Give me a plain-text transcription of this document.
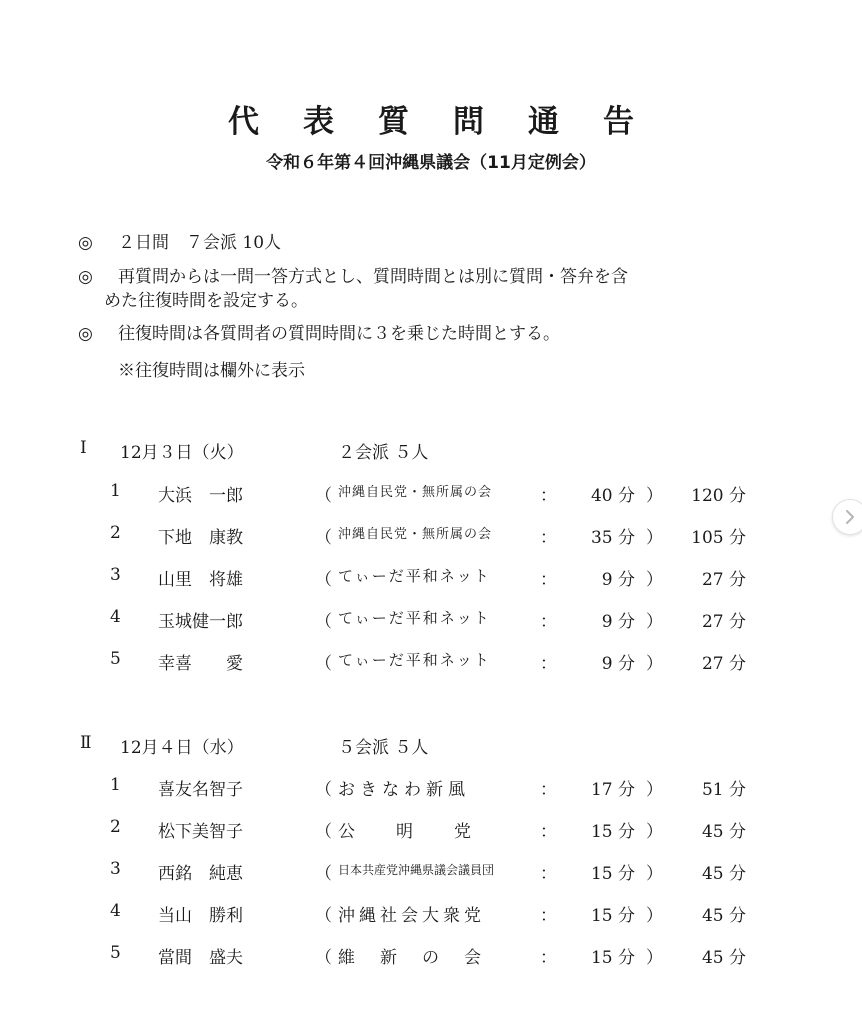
代表質問通告
令和６年第４回沖縄県議会（11月定例会）
◎ ２日間　７会派 10人
◎ 再質問からは一問一答方式とし、質問時間とは別に質問・答弁を含
めた往復時間を設定する。
◎ 往復時間は各質問者の質問時間に３を乗じた時間とする。
※往復時間は欄外に表示
Ⅰ 12月３日（火）	２会派 ５人
1 大浜　一郎	（ 沖縄自民党・無所属の会	：	40 分 ）	120 分
2 下地　康教	（ 沖縄自民党・無所属の会	：	35 分 ）	105 分
3 山里　将雄	（ てぃーだ平和ネット	：	9 分 ）	27 分
4 玉城健一郎	（ てぃーだ平和ネット	：	9 分 ）	27 分
5 幸喜　　愛	（ てぃーだ平和ネット	：	9 分 ）	27 分
Ⅱ 12月４日（水）	５会派 ５人
1 喜友名智子	（ おきなわ新風	：	17 分 ）	51 分
2 松下美智子	（ 公　明　党	：	15 分 ）	45 分
3 西銘　純恵	（ 日本共産党沖縄県議会議員団	：	15 分 ）	45 分
4 当山　勝利	（ 沖縄社会大衆党	：	15 分 ）	45 分
5 當間　盛夫	（ 維　新　の　会	：	15 分 ）	45 分
